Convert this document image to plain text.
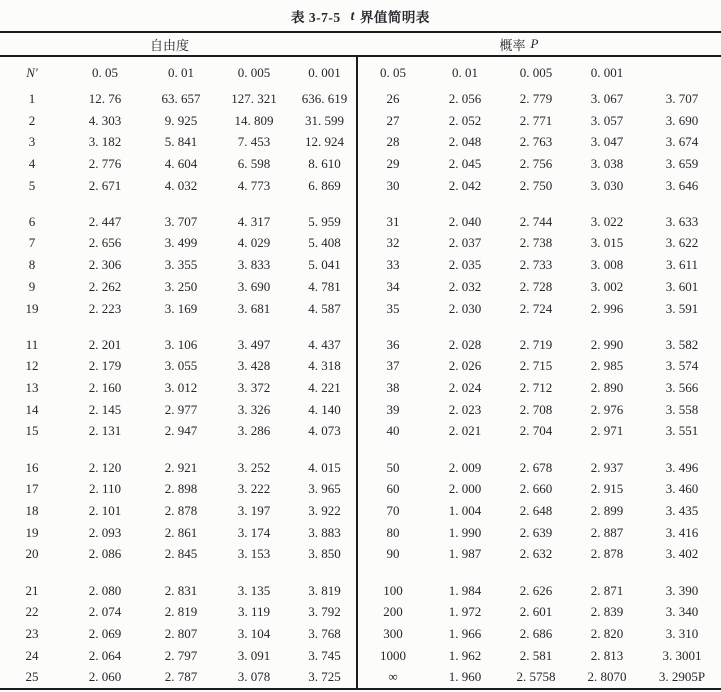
表 3-7-5 t 界值简明表
自由度	概率 P
N′	0. 05	0. 01	0. 005	0. 001	0. 05	0. 01	0. 005	0. 001
1	12. 76	63. 657	127. 321	636. 619	26	2. 056	2. 779	3. 067	3. 707
2	4. 303	9. 925	14. 809	31. 599	27	2. 052	2. 771	3. 057	3. 690
3	3. 182	5. 841	7. 453	12. 924	28	2. 048	2. 763	3. 047	3. 674
4	2. 776	4. 604	6. 598	8. 610	29	2. 045	2. 756	3. 038	3. 659
5	2. 671	4. 032	4. 773	6. 869	30	2. 042	2. 750	3. 030	3. 646
6	2. 447	3. 707	4. 317	5. 959	31	2. 040	2. 744	3. 022	3. 633
7	2. 656	3. 499	4. 029	5. 408	32	2. 037	2. 738	3. 015	3. 622
8	2. 306	3. 355	3. 833	5. 041	33	2. 035	2. 733	3. 008	3. 611
9	2. 262	3. 250	3. 690	4. 781	34	2. 032	2. 728	3. 002	3. 601
19	2. 223	3. 169	3. 681	4. 587	35	2. 030	2. 724	2. 996	3. 591
11	2. 201	3. 106	3. 497	4. 437	36	2. 028	2. 719	2. 990	3. 582
12	2. 179	3. 055	3. 428	4. 318	37	2. 026	2. 715	2. 985	3. 574
13	2. 160	3. 012	3. 372	4. 221	38	2. 024	2. 712	2. 890	3. 566
14	2. 145	2. 977	3. 326	4. 140	39	2. 023	2. 708	2. 976	3. 558
15	2. 131	2. 947	3. 286	4. 073	40	2. 021	2. 704	2. 971	3. 551
16	2. 120	2. 921	3. 252	4. 015	50	2. 009	2. 678	2. 937	3. 496
17	2. 110	2. 898	3. 222	3. 965	60	2. 000	2. 660	2. 915	3. 460
18	2. 101	2. 878	3. 197	3. 922	70	1. 004	2. 648	2. 899	3. 435
19	2. 093	2. 861	3. 174	3. 883	80	1. 990	2. 639	2. 887	3. 416
20	2. 086	2. 845	3. 153	3. 850	90	1. 987	2. 632	2. 878	3. 402
21	2. 080	2. 831	3. 135	3. 819	100	1. 984	2. 626	2. 871	3. 390
22	2. 074	2. 819	3. 119	3. 792	200	1. 972	2. 601	2. 839	3. 340
23	2. 069	2. 807	3. 104	3. 768	300	1. 966	2. 686	2. 820	3. 310
24	2. 064	2. 797	3. 091	3. 745	1000	1. 962	2. 581	2. 813	3. 3001
25	2. 060	2. 787	3. 078	3. 725	∞	1. 960	2. 5758	2. 8070	3. 2905P
